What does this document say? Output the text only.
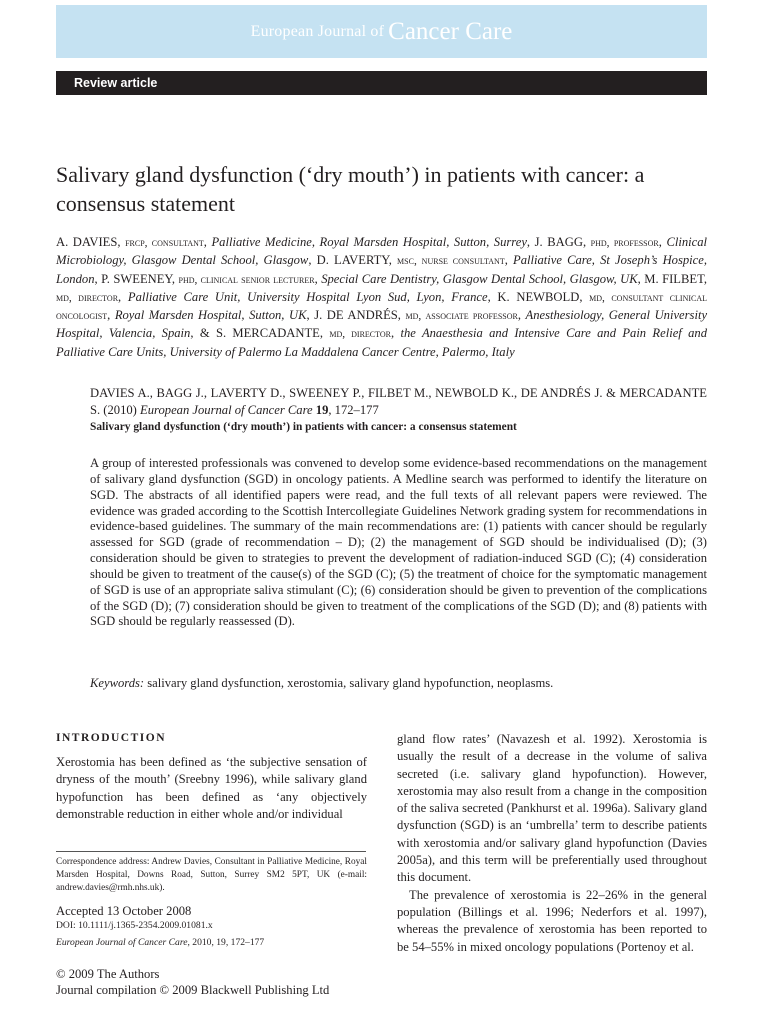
European Journal of Cancer Care
Review article
Salivary gland dysfunction (‘dry mouth’) in patients with cancer: a consensus statement
A. DAVIES, frcp, consultant, Palliative Medicine, Royal Marsden Hospital, Sutton, Surrey, J. BAGG, phd, professor, Clinical Microbiology, Glasgow Dental School, Glasgow, D. LAVERTY, msc, nurse consultant, Palliative Care, St Joseph’s Hospice, London, P. SWEENEY, phd, clinical senior lecturer, Special Care Dentistry, Glasgow Dental School, Glasgow, UK, M. FILBET, md, director, Palliative Care Unit, University Hospital Lyon Sud, Lyon, France, K. NEWBOLD, md, consultant clinical oncologist, Royal Marsden Hospital, Sutton, UK, J. DE ANDRÉS, md, associate professor, Anesthesiology, General University Hospital, Valencia, Spain, & S. MERCADANTE, md, director, the Anaesthesia and Intensive Care and Pain Relief and Palliative Care Units, University of Palermo La Maddalena Cancer Centre, Palermo, Italy
DAVIES A., BAGG J., LAVERTY D., SWEENEY P., FILBET M., NEWBOLD K., DE ANDRÉS J. & MERCADANTE S. (2010) European Journal of Cancer Care 19, 172–177
Salivary gland dysfunction (‘dry mouth’) in patients with cancer: a consensus statement

A group of interested professionals was convened to develop some evidence-based recommendations on the management of salivary gland dysfunction (SGD) in oncology patients. A Medline search was performed to identify the literature on SGD. The abstracts of all identified papers were read, and the full texts of all relevant papers were reviewed. The evidence was graded according to the Scottish Intercollegiate Guidelines Network grading system for recommendations in evidence-based guidelines. The summary of the main recommendations are: (1) patients with cancer should be regularly assessed for SGD (grade of recommendation – D); (2) the management of SGD should be individualised (D); (3) consideration should be given to strategies to prevent the development of radiation-induced SGD (C); (4) consideration should be given to treatment of the cause(s) of the SGD (C); (5) the treatment of choice for the symptomatic management of SGD is use of an appropriate saliva stimulant (C); (6) consideration should be given to prevention of the complications of the SGD (D); (7) consideration should be given to treatment of the complications of the SGD (D); and (8) patients with SGD should be regularly reassessed (D).

Keywords: salivary gland dysfunction, xerostomia, salivary gland hypofunction, neoplasms.
INTRODUCTION

Xerostomia has been defined as ‘the subjective sensation of dryness of the mouth’ (Sreebny 1996), while salivary gland hypofunction has been defined as ‘any objectively demonstrable reduction in either whole and/or individual

gland flow rates’ (Navazesh et al. 1992). Xerostomia is usually the result of a decrease in the volume of saliva secreted (i.e. salivary gland hypofunction). However, xerostomia may also result from a change in the composition of the saliva secreted (Pankhurst et al. 1996a). Salivary gland dysfunction (SGD) is an ‘umbrella’ term to describe patients with xerostomia and/or salivary gland hypofunction (Davies 2005a), and this term will be preferentially used throughout this document.

The prevalence of xerostomia is 22–26% in the general population (Billings et al. 1996; Nederfors et al. 1997), whereas the prevalence of xerostomia has been reported to be 54–55% in mixed oncology populations (Portenoy et al.

Correspondence address: Andrew Davies, Consultant in Palliative Medicine, Royal Marsden Hospital, Downs Road, Sutton, Surrey SM2 5PT, UK (e-mail: andrew.davies@rmh.nhs.uk).
Accepted 13 October 2008
DOI: 10.1111/j.1365-2354.2009.01081.x
European Journal of Cancer Care, 2010, 19, 172–177
© 2009 The Authors
Journal compilation © 2009 Blackwell Publishing Ltd
